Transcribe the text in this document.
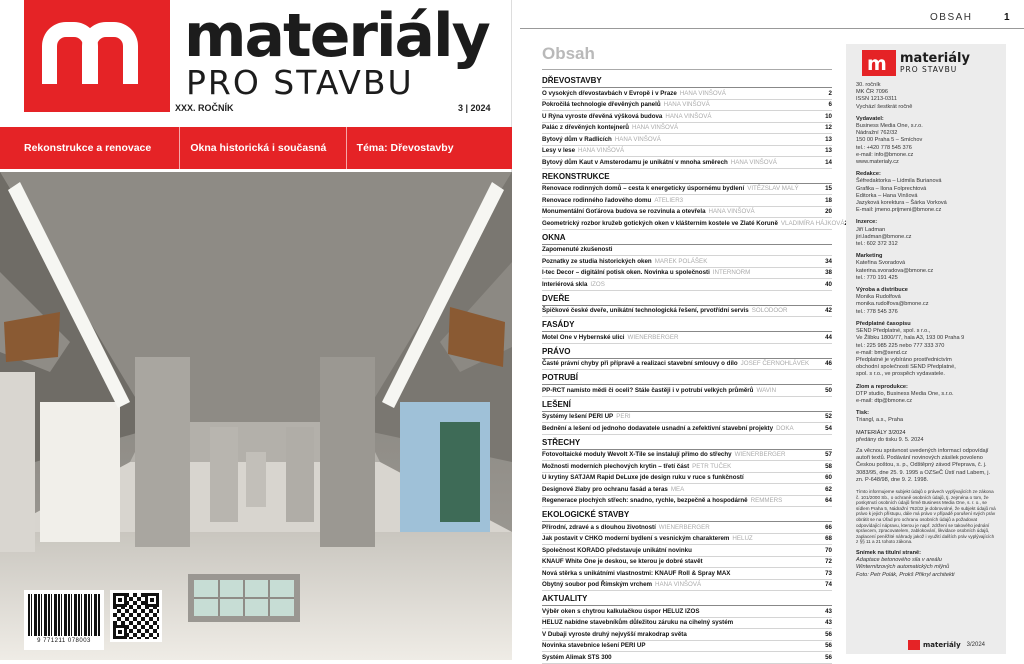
materiály
PRO STAVBU
XXX. ROČNÍK	3 | 2024
Rekonstrukce a renovace	Okna historická i současná	Téma: Dřevostavby
9 771211 078003
OBSAH	1
Obsah
DŘEVOSTAVBY
O vysokých dřevostavbách v Evropě i v Praze HANA VINŠOVÁ	2
Pokročilá technologie dřevěných panelů HANA VINŠOVÁ	6
U Rýna vyroste dřevěná výšková budova HANA VINŠOVÁ	10
Palác z dřevěných kontejnerů HANA VINŠOVÁ	12
Bytový dům v Radlicích HANA VINŠOVÁ	13
Lesy v lese HANA VINŠOVÁ	13
Bytový dům Kaut v Amsterodamu je unikátní v mnoha směrech HANA VINŠOVÁ	14
REKONSTRUKCE
Renovace rodinných domů – cesta k energeticky úspornému bydlení VITĚZSLAV MALÝ	15
Renovace rodinného řadového domu ATELIER3	18
Monumentální Goťárova budova se rozvinula a otevřela HANA VINŠOVÁ	20
Geometrický rozbor kružeb gotických oken v klášterním kostele ve Zlaté Koruně VLADIMÍRA HÁJKOVÁ
OKNA
Zapomenuté zkušenosti
Poznatky ze studia historických oken MAREK POLÁŠEK	34
I-tec Decor – digitální potisk oken. Novinka u společnosti INTERNORM	38
Interiérová skla IZOS	40
DVEŘE
Špičkové české dveře, unikátní technologická řešení, prvotřídní servis SOLODOOR	42
FASÁDY
Motel One v Hybernské ulici WIENERBERGER	44
PRÁVO
Časté právní chyby při přípravě a realizaci stavební smlouvy o dílo JOSEF ČERNOHLÁVEK	46
POTRUBÍ
PP-RCT namísto mědi či oceli? Stále častěji i v potrubí velkých průměrů WAVIN	50
LEŠENÍ
Systémy lešení PERI UP PERI	52
Bednění a lešení od jednoho dodavatele usnadní a zefektivní stavební projekty DOKA	54
STŘECHY
Fotovoltaické moduly Wevolt X-Tile se instalují přímo do střechy WIENERBERGER	57
Možnosti moderních plechových krytin – třetí část PETR TUČEK	58
U krytiny SATJAM Rapid DeLuxe jde design ruku v ruce s funkčností	60
Designové žlaby pro ochranu fasád a teras MEA	62
Regenerace plochých střech: snadno, rychle, bezpečně a hospodárně REMMERS	64
EKOLOGICKÉ STAVBY
Přírodní, zdravé a s dlouhou životností WIENERBERGER	66
Jak postavit v CHKO moderní bydlení s vesnickým charakterem HELUZ	68
Společnost KORADO představuje unikátní novinku	70
KNAUF White One je deskou, se kterou je dobré stavět	72
Nová stěrka s unikátními vlastnostmi: KNAUF Roll & Spray MAX	73
Obytný soubor pod Římským vrchem HANA VINŠOVÁ	74
AKTUALITY
Výběr oken s chytrou kalkulačkou úspor HELUZ IZOS	43
HELUZ nabídne stavebníkům důležitou záruku na cihelný systém	43
V Dubaji vyroste druhý nejvyšší mrakodrap světa	56
Novinka stavebnice lešení PERI UP	56
Systém Alimak STS 300	56
m materiály
PRO STAVBU
30. ročník
MK ČR 7096
ISSN 1213-0311
Vychází šestkrát ročně
Vydavatel:
Business Media One, s.r.o.
Nádražní 762/32
150 00 Praha 5 – Smíchov
tel.: +420 778 545 376
e-mail: info@bmone.cz
www.materialy.cz
Redakce:
Šéfredaktorka – Lidmila Burianová
Grafika – Ilona Folprechtová
Editorka – Hana Vinšová
Jazyková korektura – Šárka Vorková
E-mail: jmeno.prijmeni@bmone.cz
Inzerce:
Jiří Ladman
jiri.ladman@bmone.cz
tel.: 602 372 312
Marketing
Kateřina Svoradová
katerina.svoradova@bmone.cz
tel.: 770 191 425
Výroba a distribuce
Monika Rudolfová
monika.rudolfova@bmone.cz
tel.: 778 545 376
Předplatné časopisu
SEND Předplatné, spol. s r.o.,
Ve Žlíbku 1800/77, hala A3, 193 00 Praha 9
tel.: 225 985 225 nebo 777 333 370
e-mail: bm@send.cz
Předplatné je vybíráno prostřednictvím
obchodní společnosti SEND Předplatné,
spol. s r.o., ve prospěch vydavatele.
Zlom a reprodukce:
DTP studio, Business Media One, s.r.o.
e-mail: dtp@bmone.cz
Tisk:
Triangl, a.s., Praha
MATERIÁLY 3/2024
předány do tisku 9. 5. 2024
Za věcnou správnost uvedených informací odpovídají autoři textů. Podávání novinových zásilek povoleno Českou poštou, s. p., Odštěpný závod Přeprava, č. j. 3083/95, dne 25. 9. 1995 a OZSeČ Ústí nad Labem, j. zn. P-648/98, dne 9. 2. 1998.
Tímto informujeme subjekt údajů o právech vyplývajících ze zákona č. 101/2000 Sb., o ochraně osobních údajů, tj. zejména o tom, že poskytnutí osobních údajů firmě Business Media One, s. r. o., se sídlem Praha 5, Nádražní 762/32 je dobrovolné, že subjekt údajů má právo k jejich přístupu, dále má právo v případě porušení svých práv obrátit se na Úřad pro ochranu osobních údajů a požadovat odpovídající nápravu, kterou je např. zdržení se takového jednání správcem, zpracovatelem, zablokování, likvidace osobních údajů, zaplacení peněžité náhrady jakož i využití dalších práv vyplývajících z §§ 11 a 21 tohoto zákona.
Snímek na titulní straně:
Adaptace betonového sila v areálu
Winternitzových automatických mlýnů
Foto: Petr Polák, Prokš Přikryl architekti
materiály 3/2024
